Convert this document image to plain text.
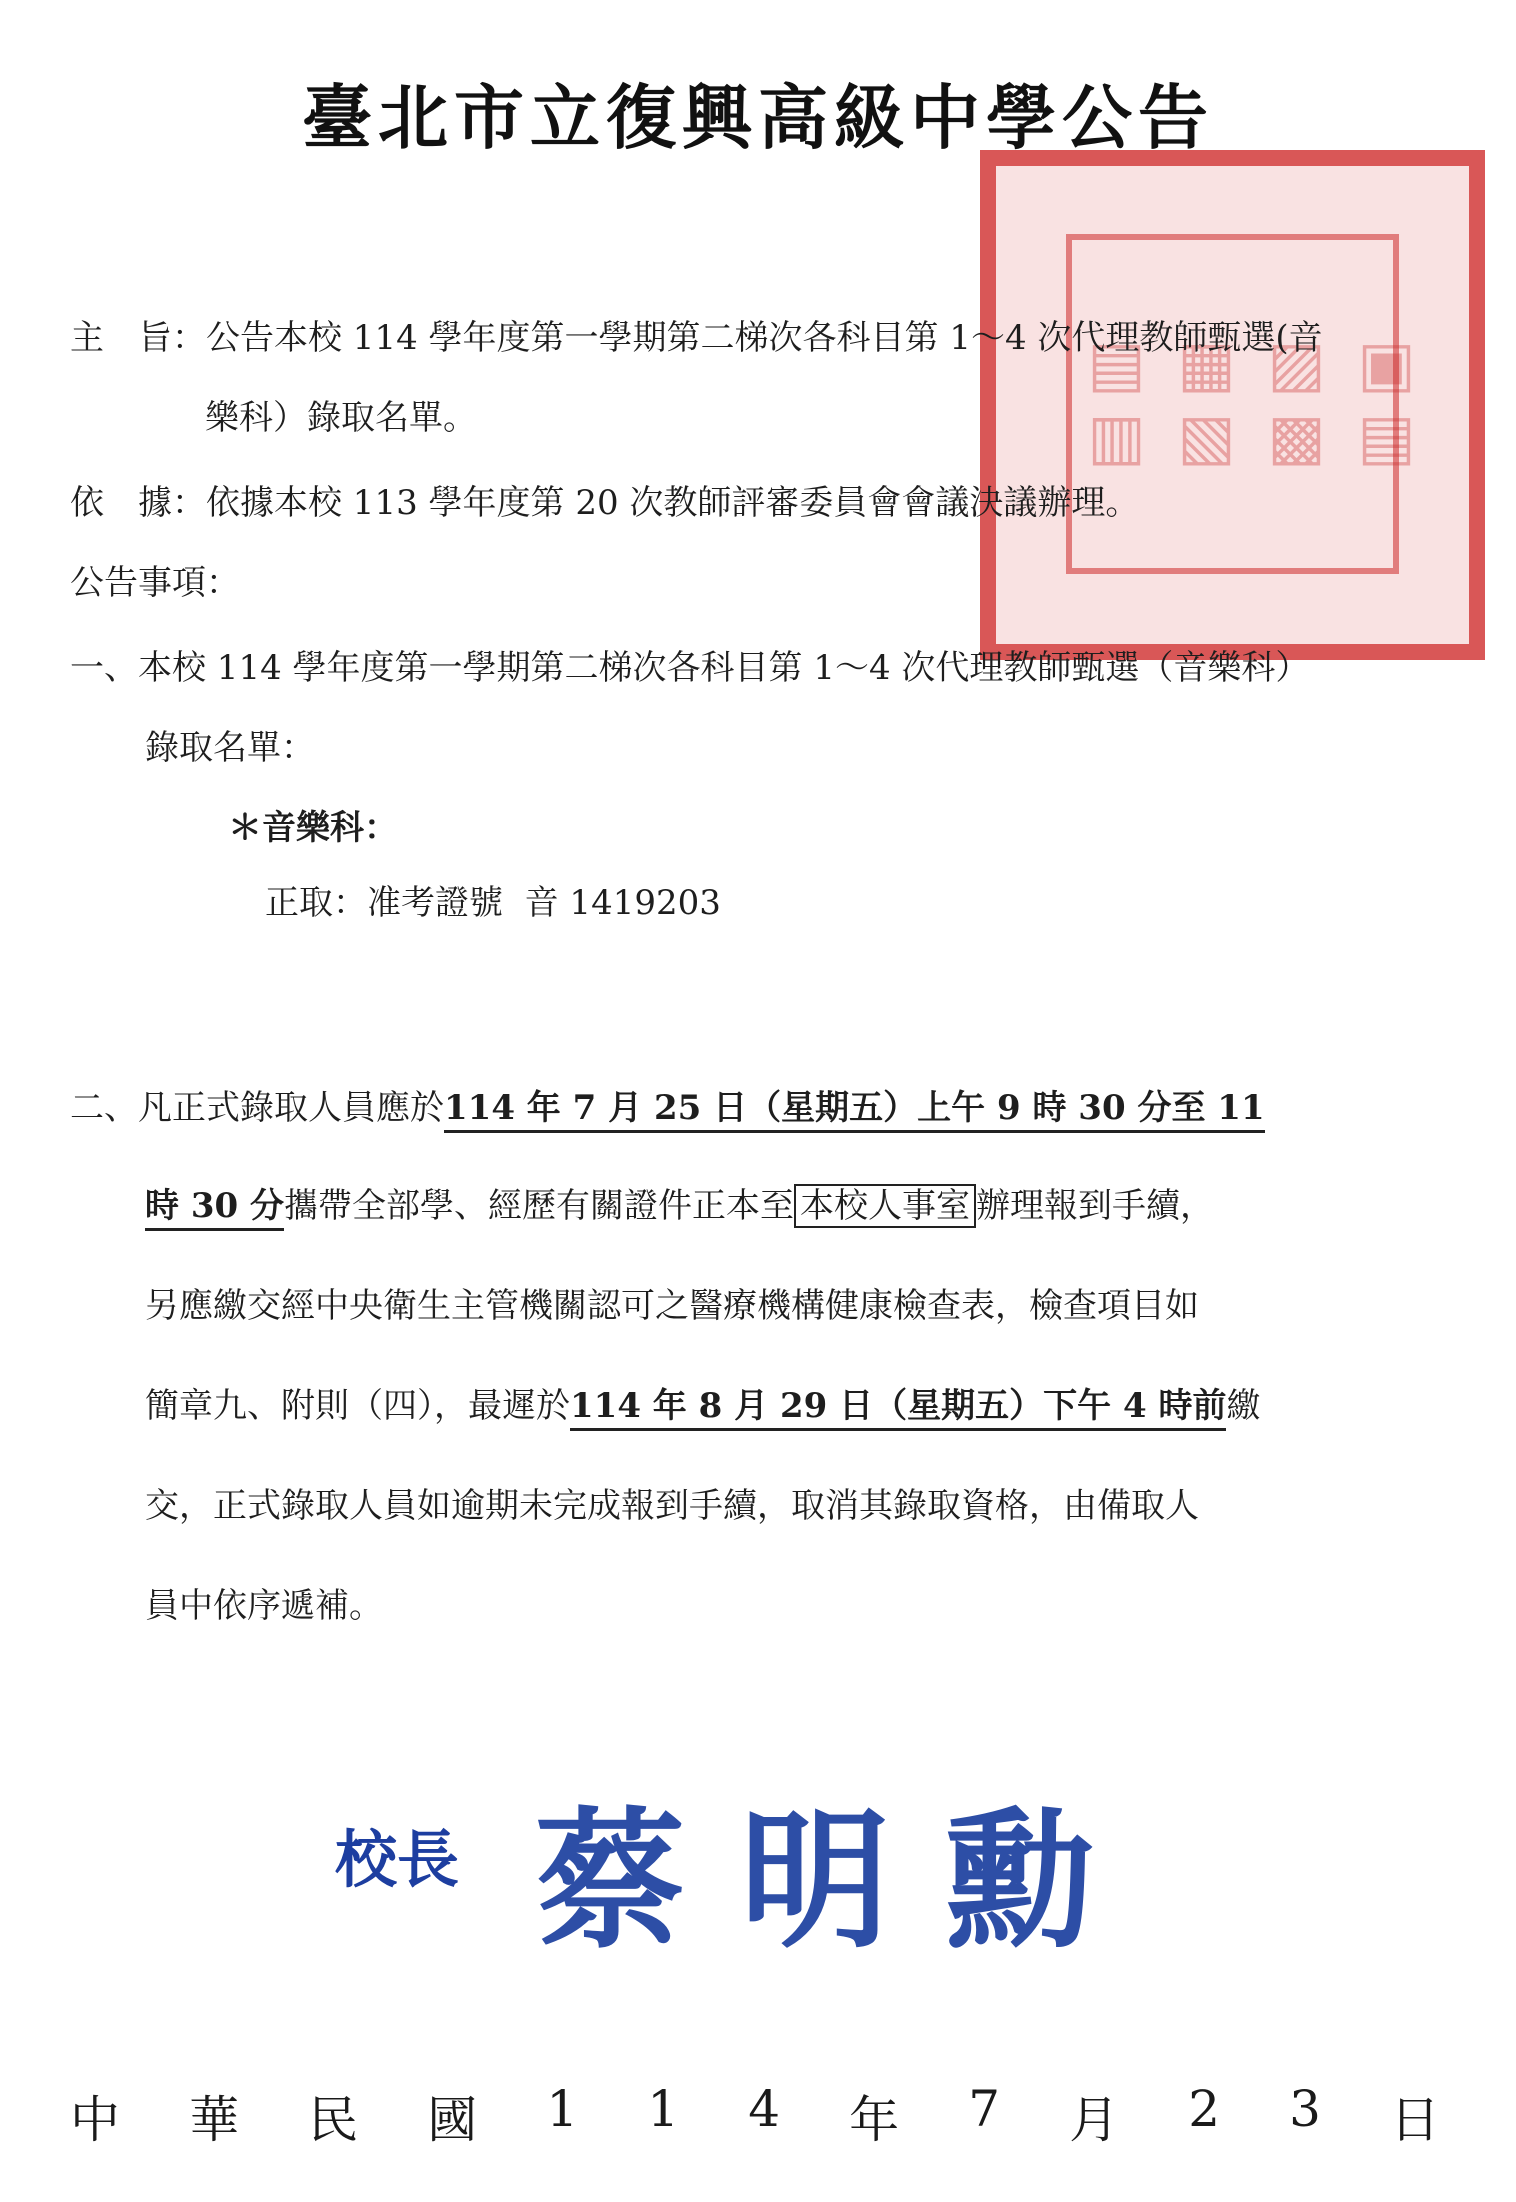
臺北市立復興高級中學公告
▤▥ ▦▧ ▨▩ ▣▤
主　旨：公告本校 114 學年度第一學期第二梯次各科目第 1～4 次代理教師甄選(音
樂科）錄取名單。
依　據：依據本校 113 學年度第 20 次教師評審委員會會議決議辦理。
公告事項：
一、本校 114 學年度第一學期第二梯次各科目第 1～4 次代理教師甄選（音樂科）
錄取名單：
＊音樂科：
正取：准考證號 音 1419203
二、凡正式錄取人員應於114 年 7 月 25 日（星期五）上午 9 時 30 分至 11
時 30 分攜帶全部學、經歷有關證件正本至 本校人事室 辦理報到手續，
另應繳交經中央衛生主管機關認可之醫療機構健康檢查表，檢查項目如
簡章九、附則（四），最遲於114 年 8 月 29 日（星期五）下午 4 時前繳
交，正式錄取人員如逾期未完成報到手續，取消其錄取資格，由備取人
員中依序遞補。
校長 蔡明勳
中 華 民 國 1 1 4 年 7 月 2 3 日
